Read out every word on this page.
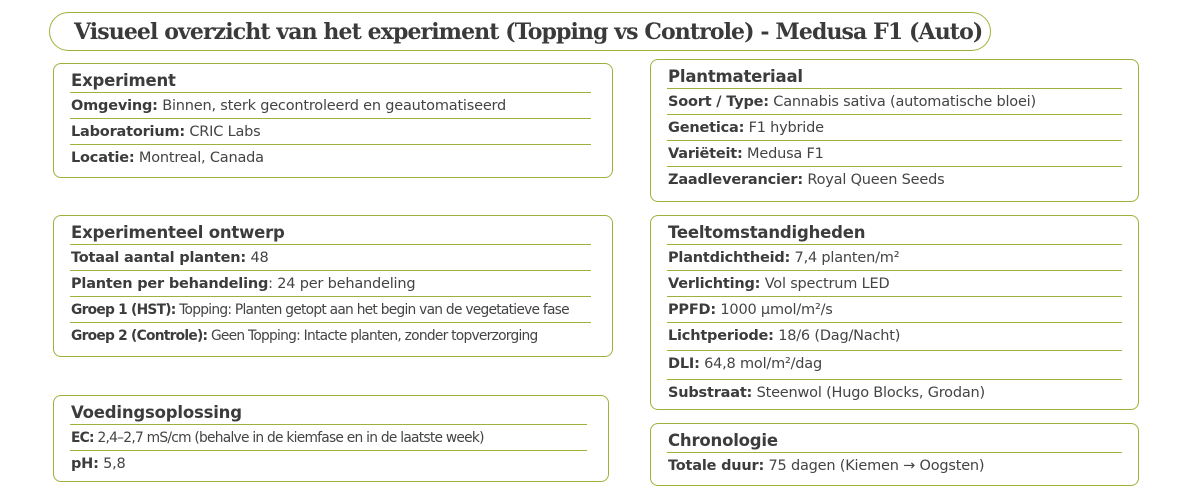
Visueel overzicht van het experiment (Topping vs Controle) - Medusa F1 (Auto)
Experiment
Omgeving: Binnen, sterk gecontroleerd en geautomatiseerd
Laboratorium: CRIC Labs
Locatie: Montreal, Canada
Experimenteel ontwerp
Totaal aantal planten: 48
Planten per behandeling: 24 per behandeling
Groep 1 (HST): Topping: Planten getopt aan het begin van de vegetatieve fase
Groep 2 (Controle): Geen Topping: Intacte planten, zonder topverzorging
Voedingsoplossing
EC: 2,4–2,7 mS/cm (behalve in de kiemfase en in de laatste week)
pH: 5,8
Plantmateriaal
Soort / Type: Cannabis sativa (automatische bloei)
Genetica: F1 hybride
Variëteit: Medusa F1
Zaadleverancier: Royal Queen Seeds
Teeltomstandigheden
Plantdichtheid: 7,4 planten/m²
Verlichting: Vol spectrum LED
PPFD: 1000 µmol/m²/s
Lichtperiode: 18/6 (Dag/Nacht)
DLI: 64,8 mol/m²/dag
Substraat: Steenwol (Hugo Blocks, Grodan)
Chronologie
Totale duur: 75 dagen (Kiemen → Oogsten)
